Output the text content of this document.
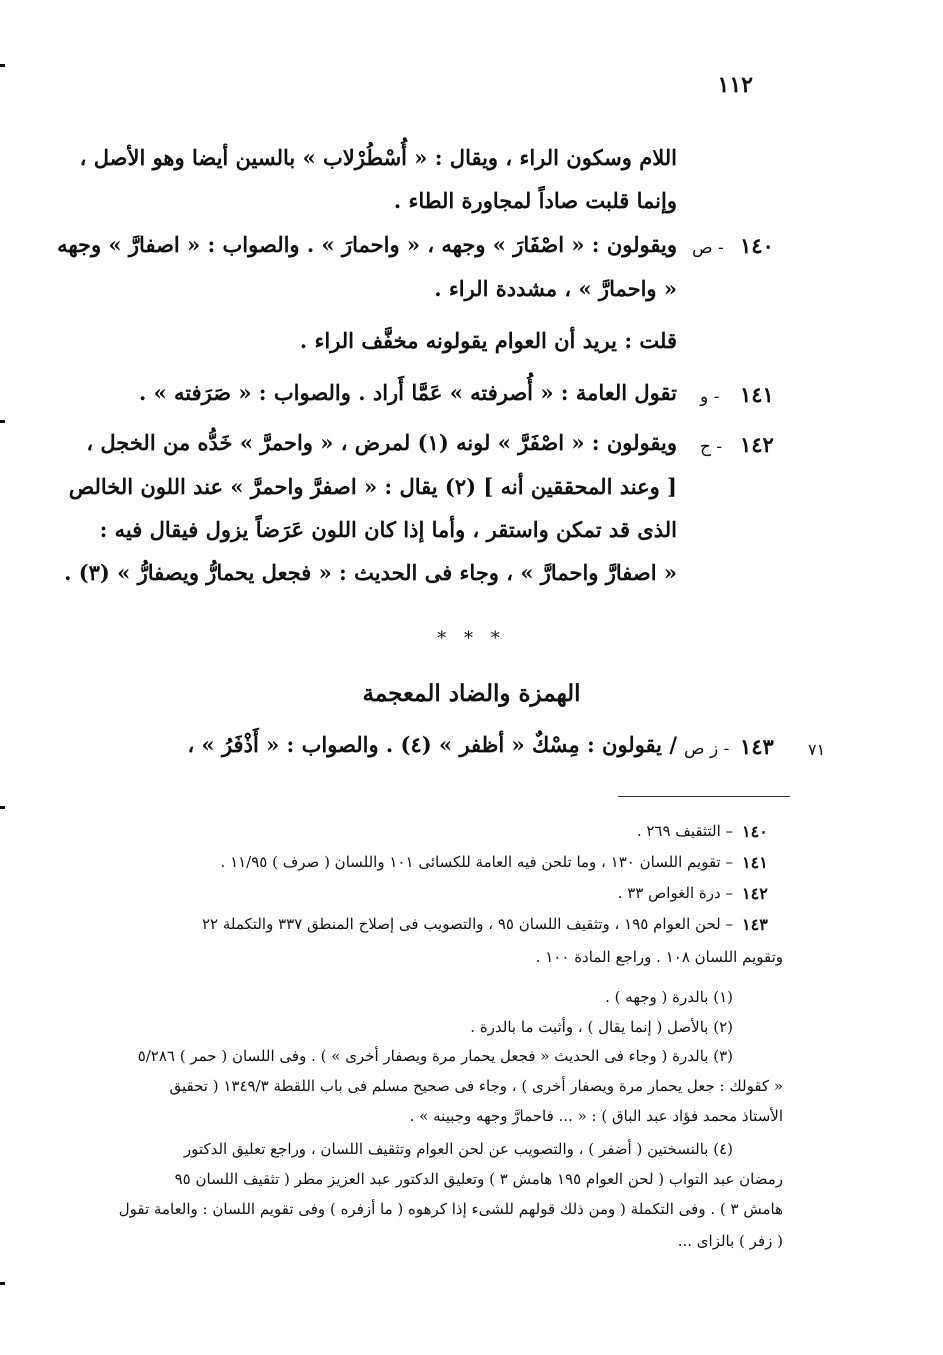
١١٢
اللام وسكون الراء ، ويقال : « أُسْطُرْلاب » بالسين أيضا وهو الأصل ،
وإنما قلبت صاداً لمجاورة الطاء .
١٤٠
- ص
ويقولون : « اصْفَارَ » وجهه ، « واحمارَ » . والصواب : « اصفارَّ » وجهه
« واحمارَّ » ، مشددة الراء .
قلت : يريد أن العوام يقولونه مخفَّف الراء .
١٤١
- و
تقول العامة : « أُصرفته » عَمَّا أَراد . والصواب : « صَرَفته » .
١٤٢
- ح
ويقولون : « اصْفَرَّ » لونه (١) لمرض ، « واحمرَّ » خَدُّه من الخجل ،
[ وعند المحققين أنه ] (٢) يقال : « اصفرَّ واحمرَّ » عند اللون الخالص
الذى قد تمكن واستقر ، وأما إذا كان اللون عَرَضاً يزول فيقال فيه :
« اصفارَّ واحمارَّ » ، وجاء فى الحديث : « فجعل يحمارُّ ويصفارُّ » (٣) .
* * *
الهمزة والضاد المعجمة
٧١
١٤٣
- ز ص
/ يقولون : مِسْكٌ « أظفر » (٤) . والصواب : « أَذْفَرُ » ،
١٤٠
– التثقيف ٢٦٩ .
١٤١
– تقويم اللسان ١٣٠ ، وما تلحن فيه العامة للكسائى ١٠١ واللسان ( صرف ) ١١/٩٥ .
١٤٢
– درة الغواص ٣٣ .
١٤٣
– لحن العوام ١٩٥ ، وتثقيف اللسان ٩٥ ، والتصويب فى إصلاح المنطق ٣٣٧ والتكملة ٢٢
وتقويم اللسان ١٠٨ . وراجع المادة ١٠٠ .
(١) بالدرة ( وجهه ) .
(٢) بالأصل ( إنما يقال ) ، وأثبت ما بالدرة .
(٣) بالدرة ( وجاء فى الحديث « فجعل يحمار مرة ويصفار أخرى » ) . وفى اللسان ( حمر ) ٥/٢٨٦
« كقولك : جعل يحمار مرة ويصفار أخرى ) ، وجاء فى صحيح مسلم فى باب اللقطة ١٣٤٩/٣ ( تحقيق
الأستاذ محمد فؤاد عبد الباق ) : « ... فاحمارَّ وجهه وجبينه » .
(٤) بالنسختين ( أضفر ) ، والتصويب عن لحن العوام وتثقيف اللسان ، وراجع تعليق الدكتور
رمضان عبد التواب ( لحن العوام ١٩٥ هامش ٣ ) وتعليق الدكتور عبد العزيز مطر ( تثقيف اللسان ٩٥
هامش ٣ ) . وفى التكملة ( ومن ذلك قولهم للشىء إذا كرهوه ( ما أزفره ) وفى تقويم اللسان : والعامة تقول
( زفر ) بالزاى ...
